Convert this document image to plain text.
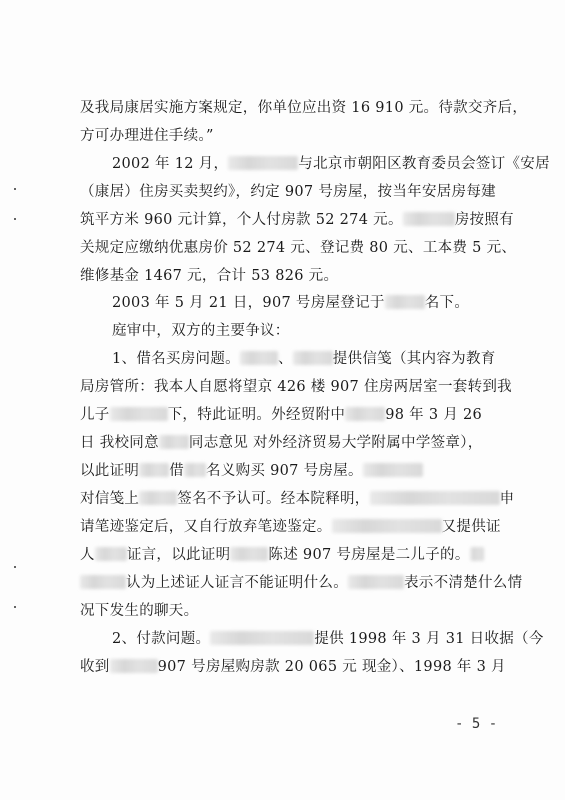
及我局康居实施方案规定，你单位应出资 16 910 元。待款交齐后，
方可办理进住手续。”
2002 年 12 月，	与北京市朝阳区教育委员会签订《安居
（康居）住房买卖契约》，约定 907 号房屋，按当年安居房每建
筑平方米 960 元计算，个人付房款 52 274 元。	房按照有
关规定应缴纳优惠房价 52 274 元、登记费 80 元、工本费 5 元、
维修基金 1467 元，合计 53 826 元。
2003 年 5 月 21 日，907 号房屋登记于	名下。
庭审中，双方的主要争议：
1、借名买房问题。	、	提供信笺（其内容为教育
局房管所：我本人自愿将望京 426 楼 907 住房两居室一套转到我
儿子	下，特此证明。外经贸附中	98 年 3 月 26
日 我校同意 同志意见 对外经济贸易大学附属中学签章），
以此证明 借 名义购买 907 号房屋。
对信笺上	签名不予认可。经本院释明，	申
请笔迹鉴定后，又自行放弃笔迹鉴定。	又提供证
人 证言，以此证明	陈述 907 号房屋是二儿子的。
认为上述证人证言不能证明什么。	表示不清楚什么情
况下发生的聊天。
2、付款问题。	提供 1998 年 3 月 31 日收据（今
收到	907 号房屋购房款 20 065 元 现金）、1998 年 3 月
- 5 -
